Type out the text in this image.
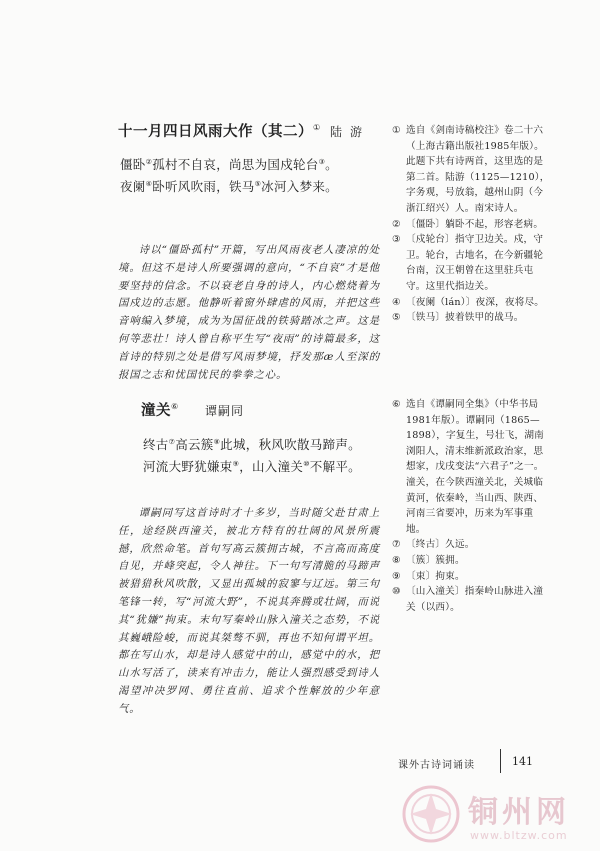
十一月四日风雨大作（其二）① 陆游
僵卧②孤村不自哀，尚思为国戍轮台③。
夜阑④卧听风吹雨，铁马⑤冰河入梦来。

诗以“僵卧孤村”开篇，写出风雨夜老人凄凉的处境。但这不是诗人所要强调的意向，“不自哀”才是他要坚持的信念。不以衰老自身的诗人，内心燃烧着为国戍边的志愿。他静听着窗外肆虐的风雨，并把这些音响编入梦境，成为为国征战的铁骑踏冰之声。这是何等悲壮！诗人曾自称平生写“夜雨”的诗篇最多，这首诗的特别之处是借写风雨梦境，抒发那æ人至深的报国之志和忧国忧民的拳拳之心。

① 选自《剑南诗稿校注》卷二十六（上海古籍出版社1985年版）。此题下共有诗两首，这里选的是第二首。陆游（1125—1210），字务观，号放翁，越州山阴（今浙江绍兴）人。南宋诗人。
② 〔僵卧〕躺卧不起，形容老病。
③ 〔戍轮台〕指守卫边关。戍，守卫。轮台，古地名，在今新疆轮台南，汉王朝曾在这里驻兵屯守。这里代指边关。
④ 〔夜阑（lán）〕夜深，夜将尽。
⑤ 〔铁马〕披着铁甲的战马。
潼关⑥ 谭嗣同
终古⑦高云簇⑧此城，秋风吹散马蹄声。
河流大野犹嫌束⑨，山入潼关⑩不解平。

谭嗣同写这首诗时才十多岁，当时随父赴甘肃上任，途经陕西潼关，被北方特有的壮阔的风景所震撼，欣然命笔。首句写高云簇拥古城，不言高而高度自见，并峰突起，令人神往。下一句写清脆的马蹄声被猎猎秋风吹散，又显出孤城的寂寥与辽远。第三句笔锋一转，写“河流大野”，不说其奔腾或壮阔，而说其“犹嫌”拘束。末句写秦岭山脉入潼关之态势，不说其巍峨险峻，而说其桀骜不驯，再也不知何谓平坦。都在写山水，却是诗人感觉中的山，感觉中的水，把山水写活了，读来有冲击力，能让人强烈感受到诗人渴望冲决罗网、勇往直前、追求个性解放的少年意气。

⑥ 选自《谭嗣同全集》（中华书局1981年版）。谭嗣同（1865—1898），字复生，号壮飞，湖南浏阳人，清末维新派政治家，思想家，戊戌变法“六君子”之一。潼关，在今陕西潼关北，关城临黄河，依秦岭，当山西、陕西、河南三省要冲，历来为军事重地。
⑦ 〔终古〕久远。
⑧ 〔簇〕簇拥。
⑨ 〔束〕拘束。
⑩ 〔山入潼关〕指秦岭山脉进入潼关（以西）。
课外古诗词诵读	141
铜州网
www.bltzw.com
